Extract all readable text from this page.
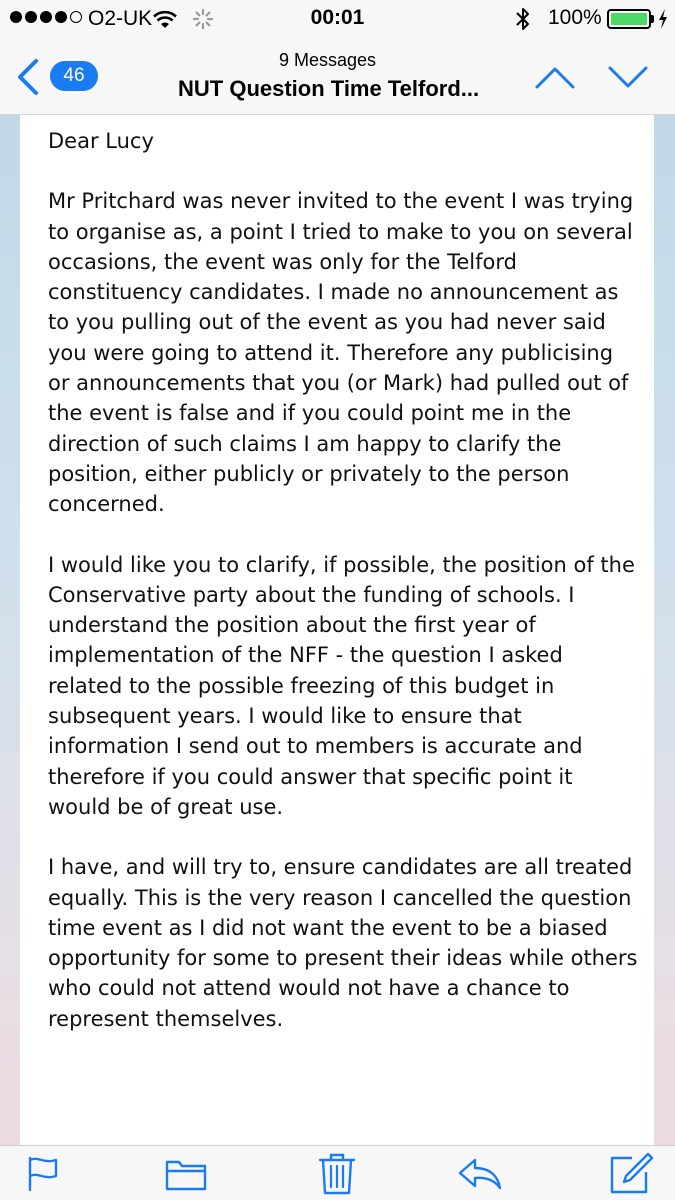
O2-UK	00:01	100%
46
9 Messages
NUT Question Time Telford...

Dear Lucy

Mr Pritchard was never invited to the event I was trying to organise as, a point I tried to make to you on several occasions, the event was only for the Telford constituency candidates. I made no announcement as to you pulling out of the event as you had never said you were going to attend it. Therefore any publicising or announcements that you (or Mark) had pulled out of the event is false and if you could point me in the direction of such claims I am happy to clarify the position, either publicly or privately to the person concerned.

I would like you to clarify, if possible, the position of the Conservative party about the funding of schools. I understand the position about the first year of implementation of the NFF - the question I asked related to the possible freezing of this budget in subsequent years. I would like to ensure that information I send out to members is accurate and therefore if you could answer that specific point it would be of great use.

I have, and will try to, ensure candidates are all treated equally. This is the very reason I cancelled the question time event as I did not want the event to be a biased opportunity for some to present their ideas while others who could not attend would not have a chance to represent themselves.
